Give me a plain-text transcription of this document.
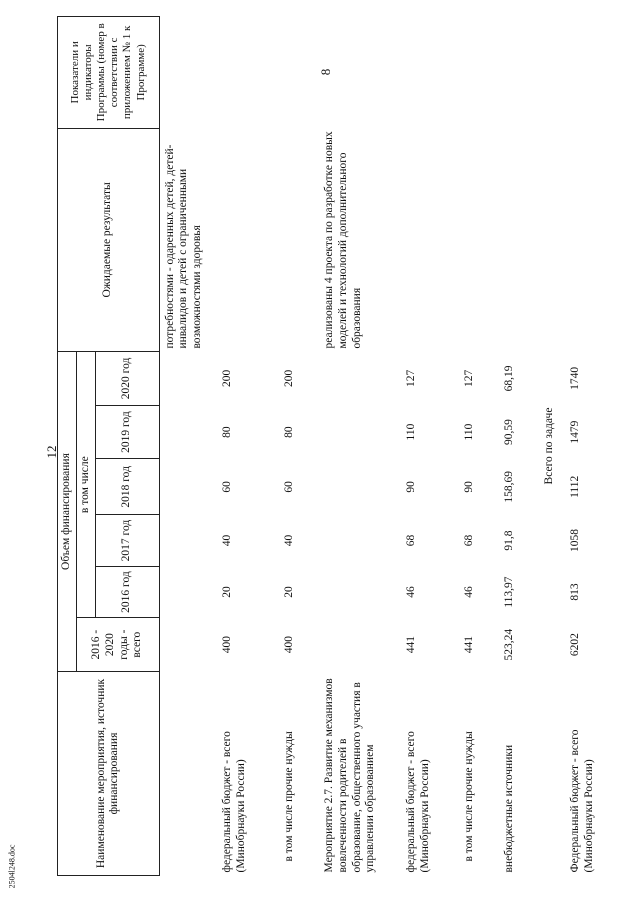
12
8
2504l248.doc	Наименование мероприятия, источник финансирования	Объем финансирования						Ожидаемые результаты	Показатели и индикаторы Программы (номер в соответствии с приложением № 1 к Программе)
	2016 - 2020 годы - всего	в том числе						
		2016 год	2017 год	2018 год	2019 год	2020 год		
							потребностями - одаренных детей, детей-инвалидов и детей с ограниченными возможностями здоровья	
федеральный бюджет - всего (Минобрнауки России)	400	20	40	60	80	200		
в том числе прочие нужды	400	20	40	60	80	200		
Мероприятие 2.7. Развитие механизмов вовлеченности родителей в образование, общественного участия в управлении образованием							реализованы 4 проекта по разработке новых моделей и технологий дополнительного образования	
федеральный бюджет - всего (Минобрнауки России)	441	46	68	90	110	127		
в том числе прочие нужды	441	46	68	90	110	127		
внебюджетные источники	523,24	113,97	91,8	158,69	90,59	68,19		
Всего по задаче								
Федеральный бюджет - всего (Минобрнауки России)	6202	813	1058	1112	1479	1740		
